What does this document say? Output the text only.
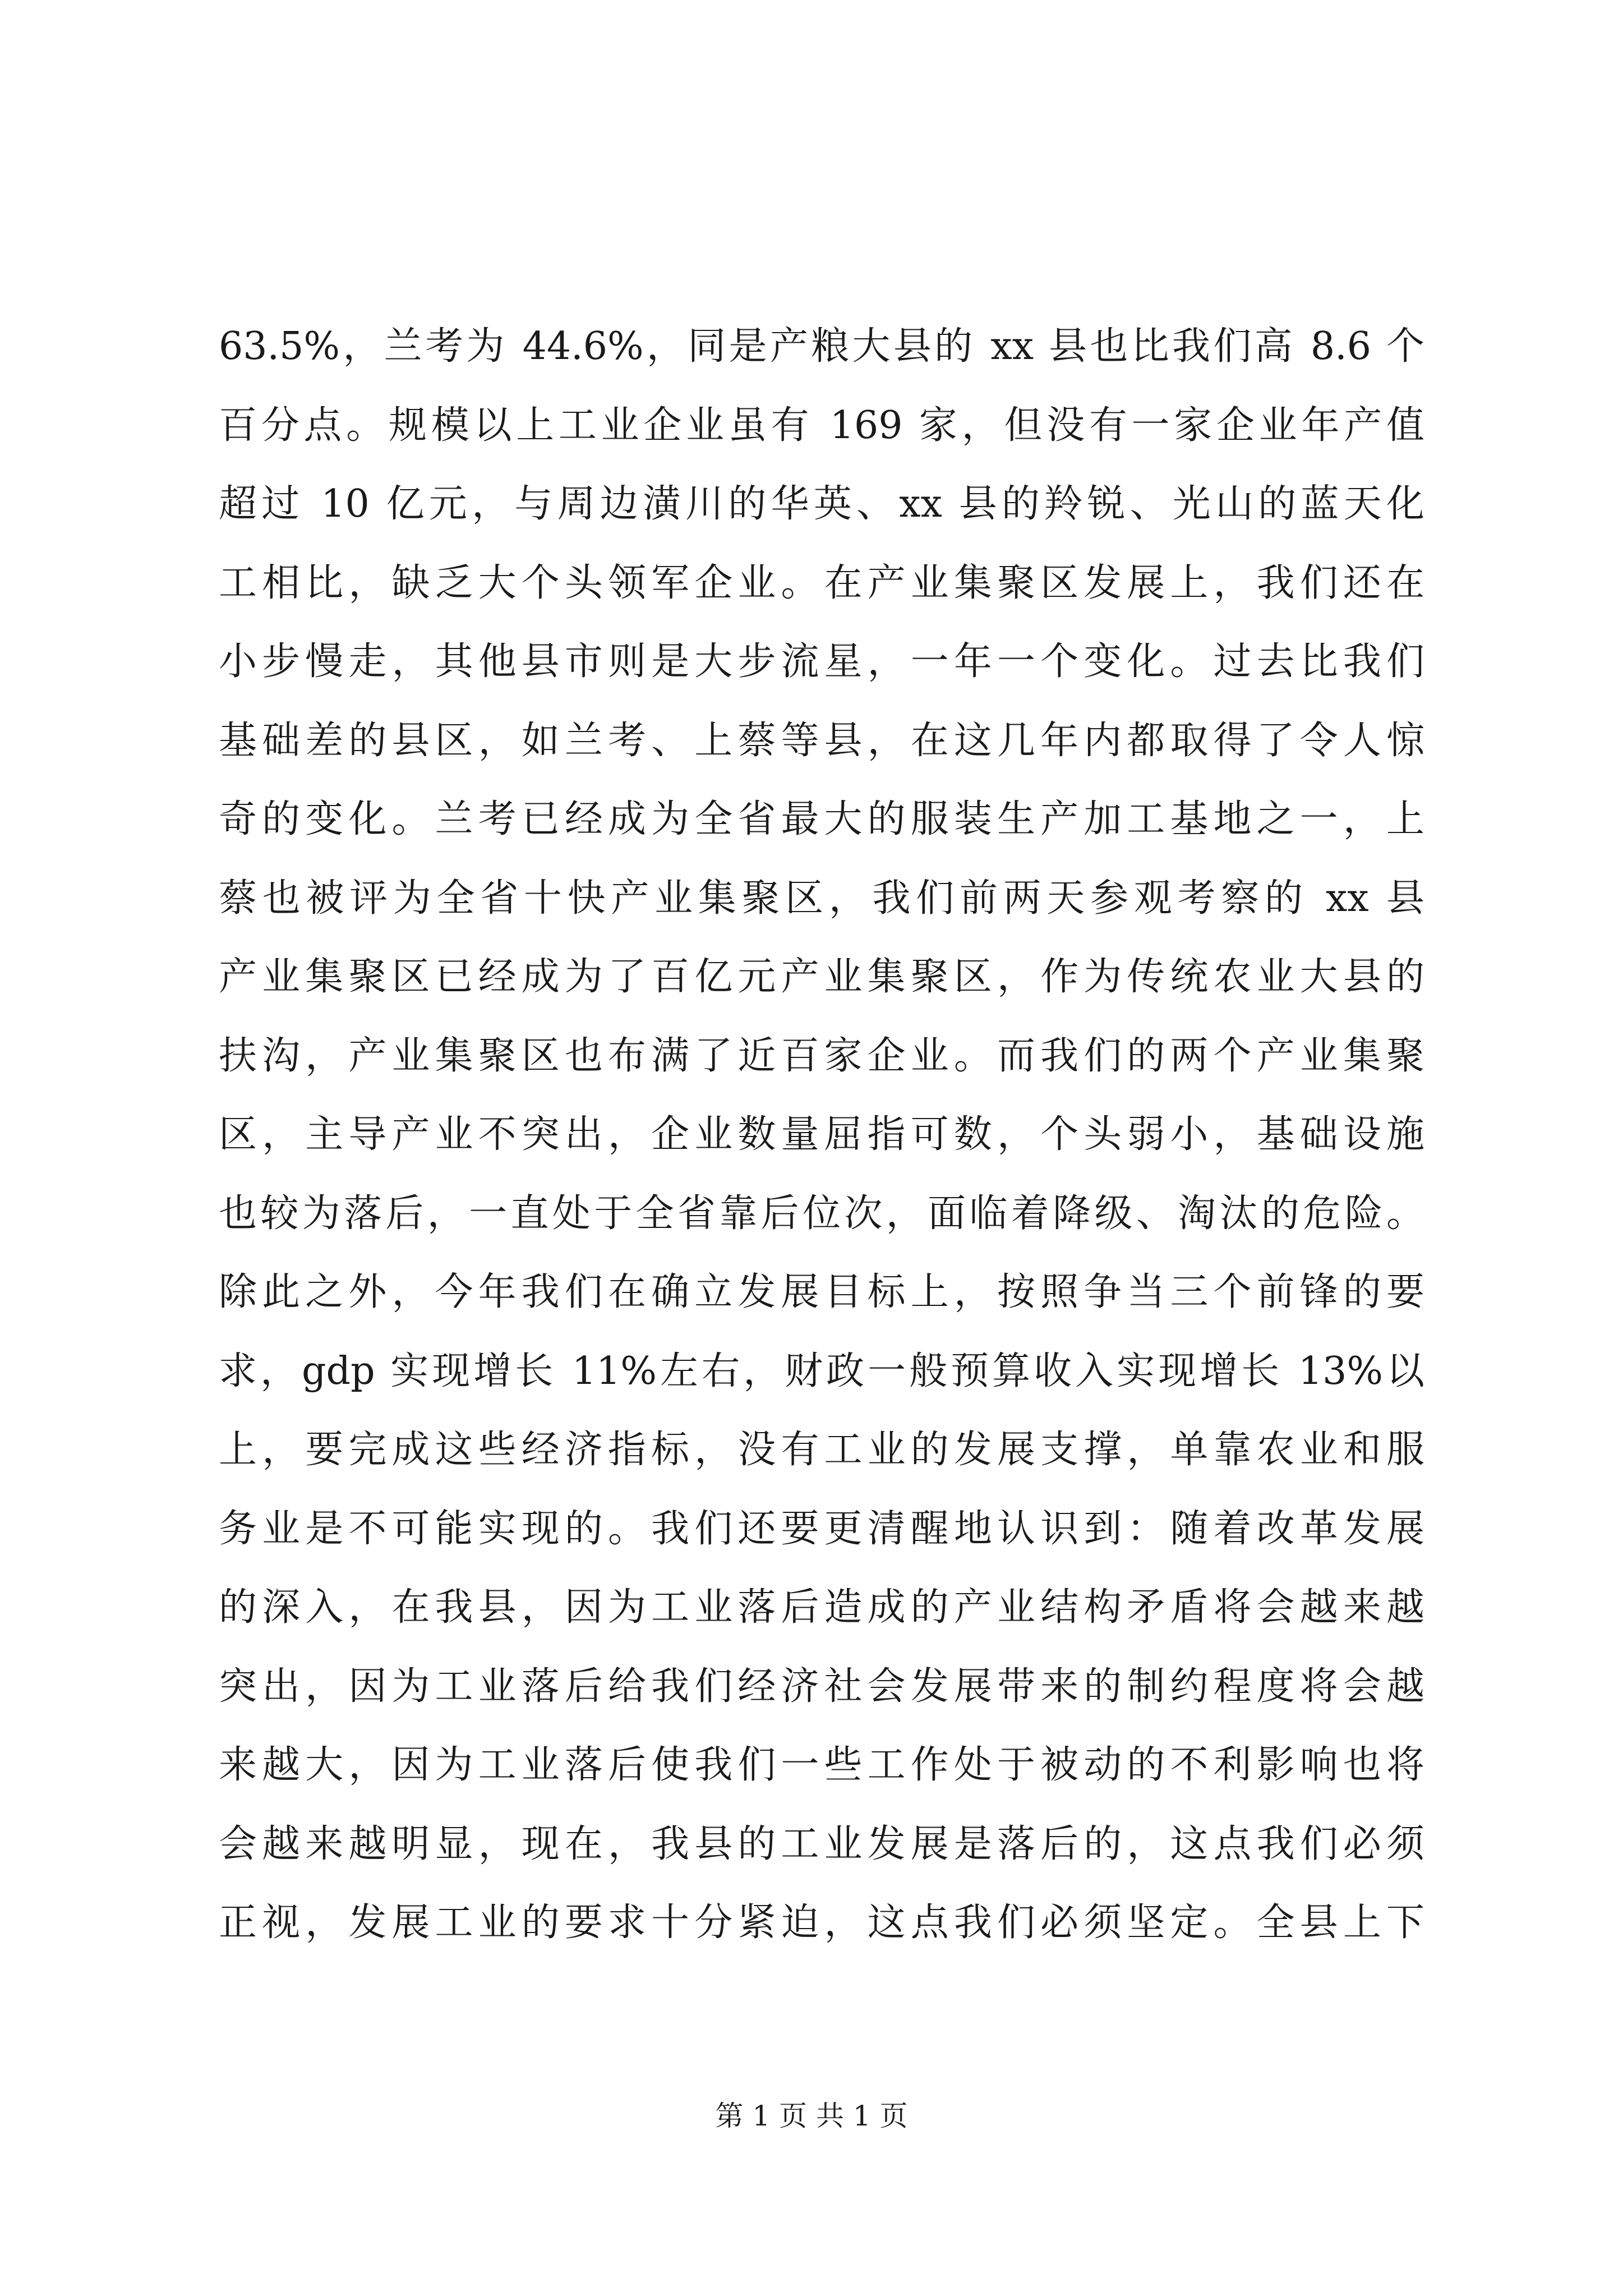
63.5%，兰考为 44.6%，同是产粮大县的 xx 县也比我们高 8.6 个
百分点。规模以上工业企业虽有 169 家，但没有一家企业年产值
超过 10 亿元，与周边潢川的华英、xx 县的羚锐、光山的蓝天化
工相比，缺乏大个头领军企业。在产业集聚区发展上，我们还在
小步慢走，其他县市则是大步流星，一年一个变化。过去比我们
基础差的县区，如兰考、上蔡等县，在这几年内都取得了令人惊
奇的变化。兰考已经成为全省最大的服装生产加工基地之一，上
蔡也被评为全省十快产业集聚区，我们前两天参观考察的 xx 县
产业集聚区已经成为了百亿元产业集聚区，作为传统农业大县的
扶沟，产业集聚区也布满了近百家企业。而我们的两个产业集聚
区，主导产业不突出，企业数量屈指可数，个头弱小，基础设施
也较为落后，一直处于全省靠后位次，面临着降级、淘汰的危险。
除此之外，今年我们在确立发展目标上，按照争当三个前锋的要
求，gdp 实现增长 11%左右，财政一般预算收入实现增长 13%以
上，要完成这些经济指标，没有工业的发展支撑，单靠农业和服
务业是不可能实现的。我们还要更清醒地认识到：随着改革发展
的深入，在我县，因为工业落后造成的产业结构矛盾将会越来越
突出，因为工业落后给我们经济社会发展带来的制约程度将会越
来越大，因为工业落后使我们一些工作处于被动的不利影响也将
会越来越明显，现在，我县的工业发展是落后的，这点我们必须
正视，发展工业的要求十分紧迫，这点我们必须坚定。全县上下
第 1 页 共 1 页
